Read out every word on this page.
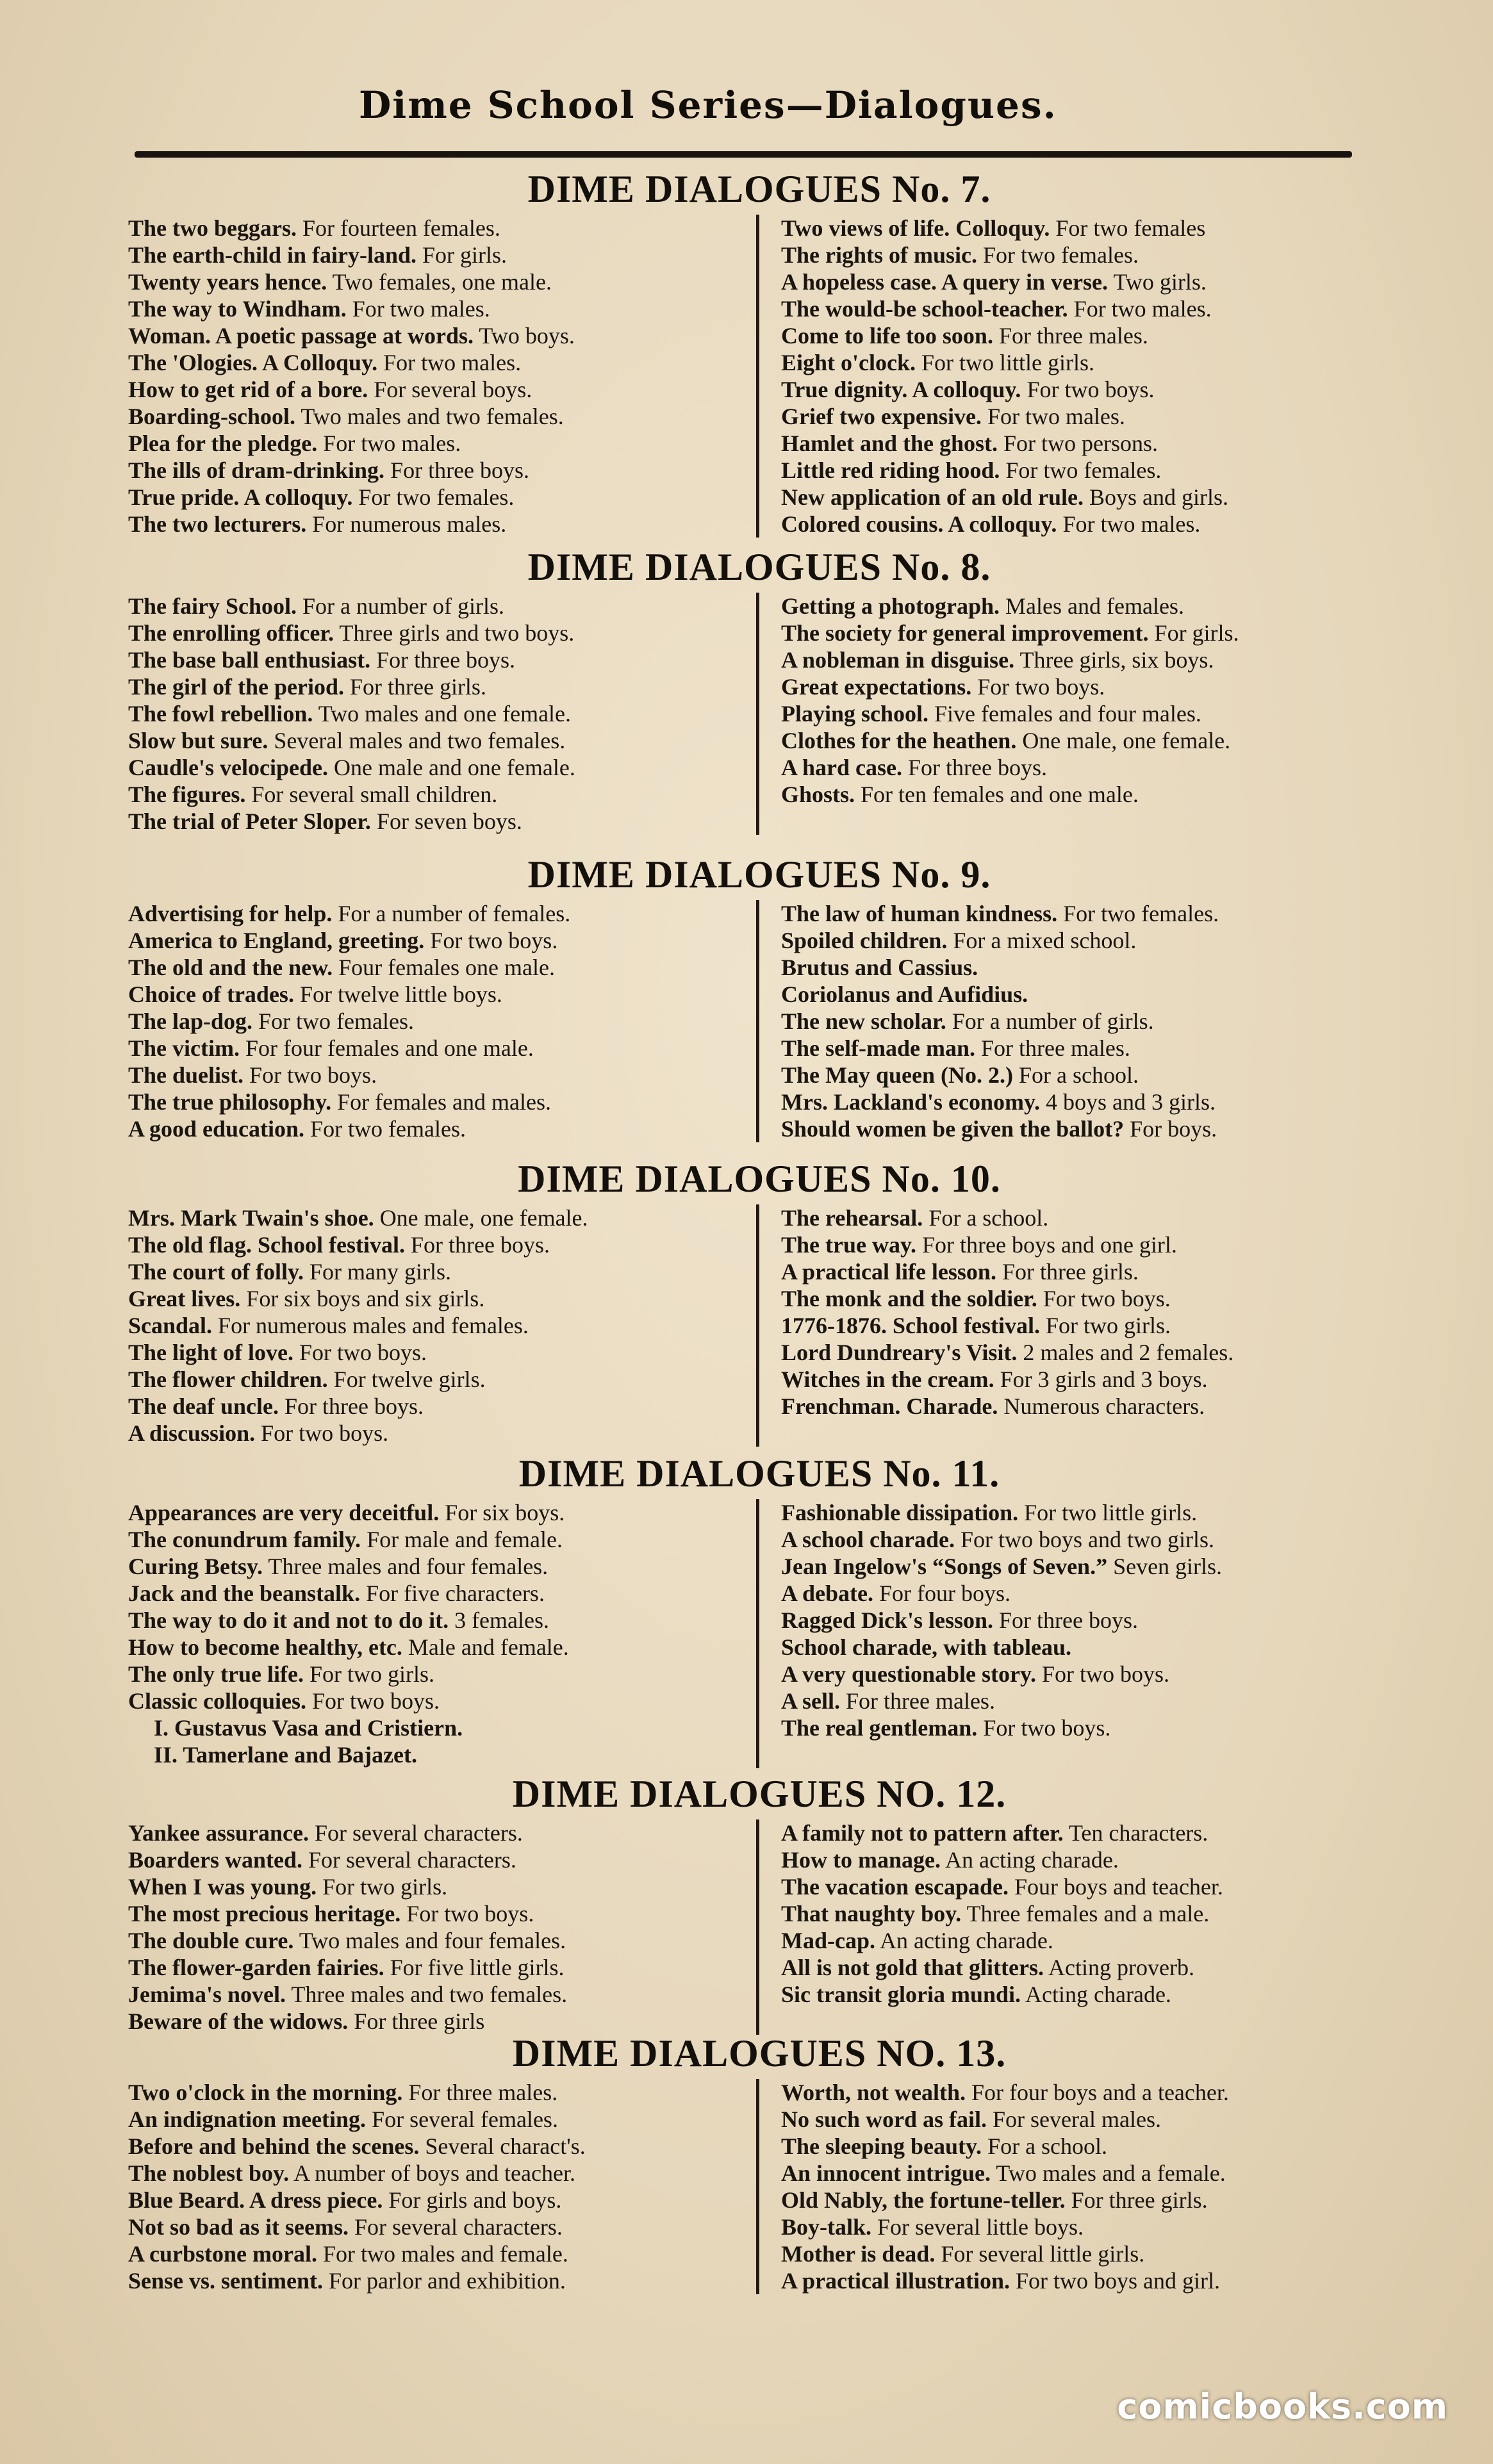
Dime School Series—Dialogues.
DIME DIALOGUES No. 7.
The two beggars. For fourteen females.
The earth-child in fairy-land. For girls.
Twenty years hence. Two females, one male.
The way to Windham. For two males.
Woman. A poetic passage at words. Two boys.
The 'Ologies. A Colloquy. For two males.
How to get rid of a bore. For several boys.
Boarding-school. Two males and two females.
Plea for the pledge. For two males.
The ills of dram-drinking. For three boys.
True pride. A colloquy. For two females.
The two lecturers. For numerous males.
Two views of life. Colloquy. For two females
The rights of music. For two females.
A hopeless case. A query in verse. Two girls.
The would-be school-teacher. For two males.
Come to life too soon. For three males.
Eight o'clock. For two little girls.
True dignity. A colloquy. For two boys.
Grief two expensive. For two males.
Hamlet and the ghost. For two persons.
Little red riding hood. For two females.
New application of an old rule. Boys and girls.
Colored cousins. A colloquy. For two males.
DIME DIALOGUES No. 8.
The fairy School. For a number of girls.
The enrolling officer. Three girls and two boys.
The base ball enthusiast. For three boys.
The girl of the period. For three girls.
The fowl rebellion. Two males and one female.
Slow but sure. Several males and two females.
Caudle's velocipede. One male and one female.
The figures. For several small children.
The trial of Peter Sloper. For seven boys.
Getting a photograph. Males and females.
The society for general improvement. For girls.
A nobleman in disguise. Three girls, six boys.
Great expectations. For two boys.
Playing school. Five females and four males.
Clothes for the heathen. One male, one female.
A hard case. For three boys.
Ghosts. For ten females and one male.
DIME DIALOGUES No. 9.
Advertising for help. For a number of females.
America to England, greeting. For two boys.
The old and the new. Four females one male.
Choice of trades. For twelve little boys.
The lap-dog. For two females.
The victim. For four females and one male.
The duelist. For two boys.
The true philosophy. For females and males.
A good education. For two females.
The law of human kindness. For two females.
Spoiled children. For a mixed school.
Brutus and Cassius.
Coriolanus and Aufidius.
The new scholar. For a number of girls.
The self-made man. For three males.
The May queen (No. 2.) For a school.
Mrs. Lackland's economy. 4 boys and 3 girls.
Should women be given the ballot? For boys.
DIME DIALOGUES No. 10.
Mrs. Mark Twain's shoe. One male, one female.
The old flag. School festival. For three boys.
The court of folly. For many girls.
Great lives. For six boys and six girls.
Scandal. For numerous males and females.
The light of love. For two boys.
The flower children. For twelve girls.
The deaf uncle. For three boys.
A discussion. For two boys.
The rehearsal. For a school.
The true way. For three boys and one girl.
A practical life lesson. For three girls.
The monk and the soldier. For two boys.
1776-1876. School festival. For two girls.
Lord Dundreary's Visit. 2 males and 2 females.
Witches in the cream. For 3 girls and 3 boys.
Frenchman. Charade. Numerous characters.
DIME DIALOGUES No. 11.
Appearances are very deceitful. For six boys.
The conundrum family. For male and female.
Curing Betsy. Three males and four females.
Jack and the beanstalk. For five characters.
The way to do it and not to do it. 3 females.
How to become healthy, etc. Male and female.
The only true life. For two girls.
Classic colloquies. For two boys.
I. Gustavus Vasa and Cristiern.
II. Tamerlane and Bajazet.
Fashionable dissipation. For two little girls.
A school charade. For two boys and two girls.
Jean Ingelow's “Songs of Seven.” Seven girls.
A debate. For four boys.
Ragged Dick's lesson. For three boys.
School charade, with tableau.
A very questionable story. For two boys.
A sell. For three males.
The real gentleman. For two boys.
DIME DIALOGUES NO. 12.
Yankee assurance. For several characters.
Boarders wanted. For several characters.
When I was young. For two girls.
The most precious heritage. For two boys.
The double cure. Two males and four females.
The flower-garden fairies. For five little girls.
Jemima's novel. Three males and two females.
Beware of the widows. For three girls
A family not to pattern after. Ten characters.
How to manage. An acting charade.
The vacation escapade. Four boys and teacher.
That naughty boy. Three females and a male.
Mad-cap. An acting charade.
All is not gold that glitters. Acting proverb.
Sic transit gloria mundi. Acting charade.
DIME DIALOGUES NO. 13.
Two o'clock in the morning. For three males.
An indignation meeting. For several females.
Before and behind the scenes. Several charact's.
The noblest boy. A number of boys and teacher.
Blue Beard. A dress piece. For girls and boys.
Not so bad as it seems. For several characters.
A curbstone moral. For two males and female.
Sense vs. sentiment. For parlor and exhibition.
Worth, not wealth. For four boys and a teacher.
No such word as fail. For several males.
The sleeping beauty. For a school.
An innocent intrigue. Two males and a female.
Old Nably, the fortune-teller. For three girls.
Boy-talk. For several little boys.
Mother is dead. For several little girls.
A practical illustration. For two boys and girl.
comicbooks.com
